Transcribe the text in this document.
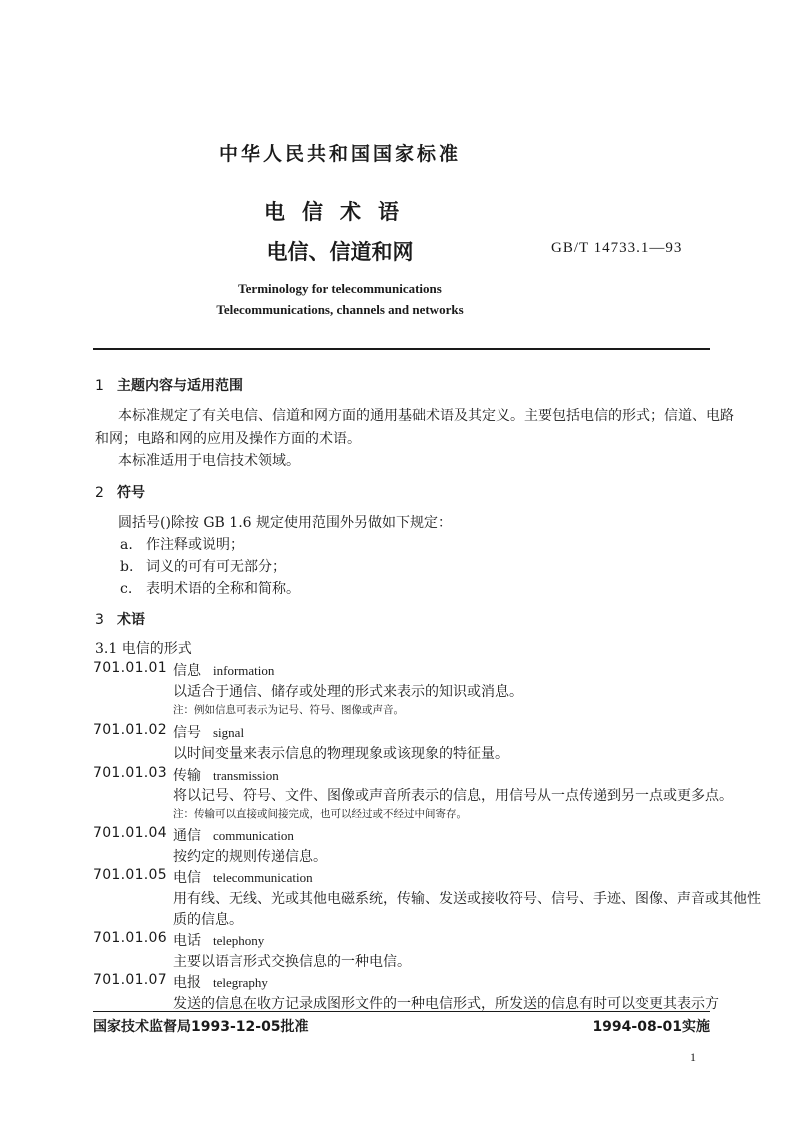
中华人民共和国国家标准
电信术语
电信、信道和网	GB/T 14733.1—93
Terminology for telecommunications
Telecommunications, channels and networks
1 主题内容与适用范围
本标准规定了有关电信、信道和网方面的通用基础术语及其定义。主要包括电信的形式；信道、电路
和网；电路和网的应用及操作方面的术语。
本标准适用于电信技术领域。
2 符号
圆括号()除按 GB 1.6 规定使用范围外另做如下规定：
a. 作注释或说明；
b. 词义的可有可无部分；
c. 表明术语的全称和简称。
3 术语
3.1 电信的形式
701.01.01 信息 information
以适合于通信、储存或处理的形式来表示的知识或消息。
注：例如信息可表示为记号、符号、图像或声音。
701.01.02 信号 signal
以时间变量来表示信息的物理现象或该现象的特征量。
701.01.03 传输 transmission
将以记号、符号、文件、图像或声音所表示的信息，用信号从一点传递到另一点或更多点。
注：传输可以直接或间接完成，也可以经过或不经过中间寄存。
701.01.04 通信 communication
按约定的规则传递信息。
701.01.05 电信 telecommunication
用有线、无线、光或其他电磁系统，传输、发送或接收符号、信号、手迹、图像、声音或其他性
质的信息。
701.01.06 电话 telephony
主要以语言形式交换信息的一种电信。
701.01.07 电报 telegraphy
发送的信息在收方记录成图形文件的一种电信形式，所发送的信息有时可以变更其表示方
国家技术监督局1993-12-05批准	1994-08-01实施
1
